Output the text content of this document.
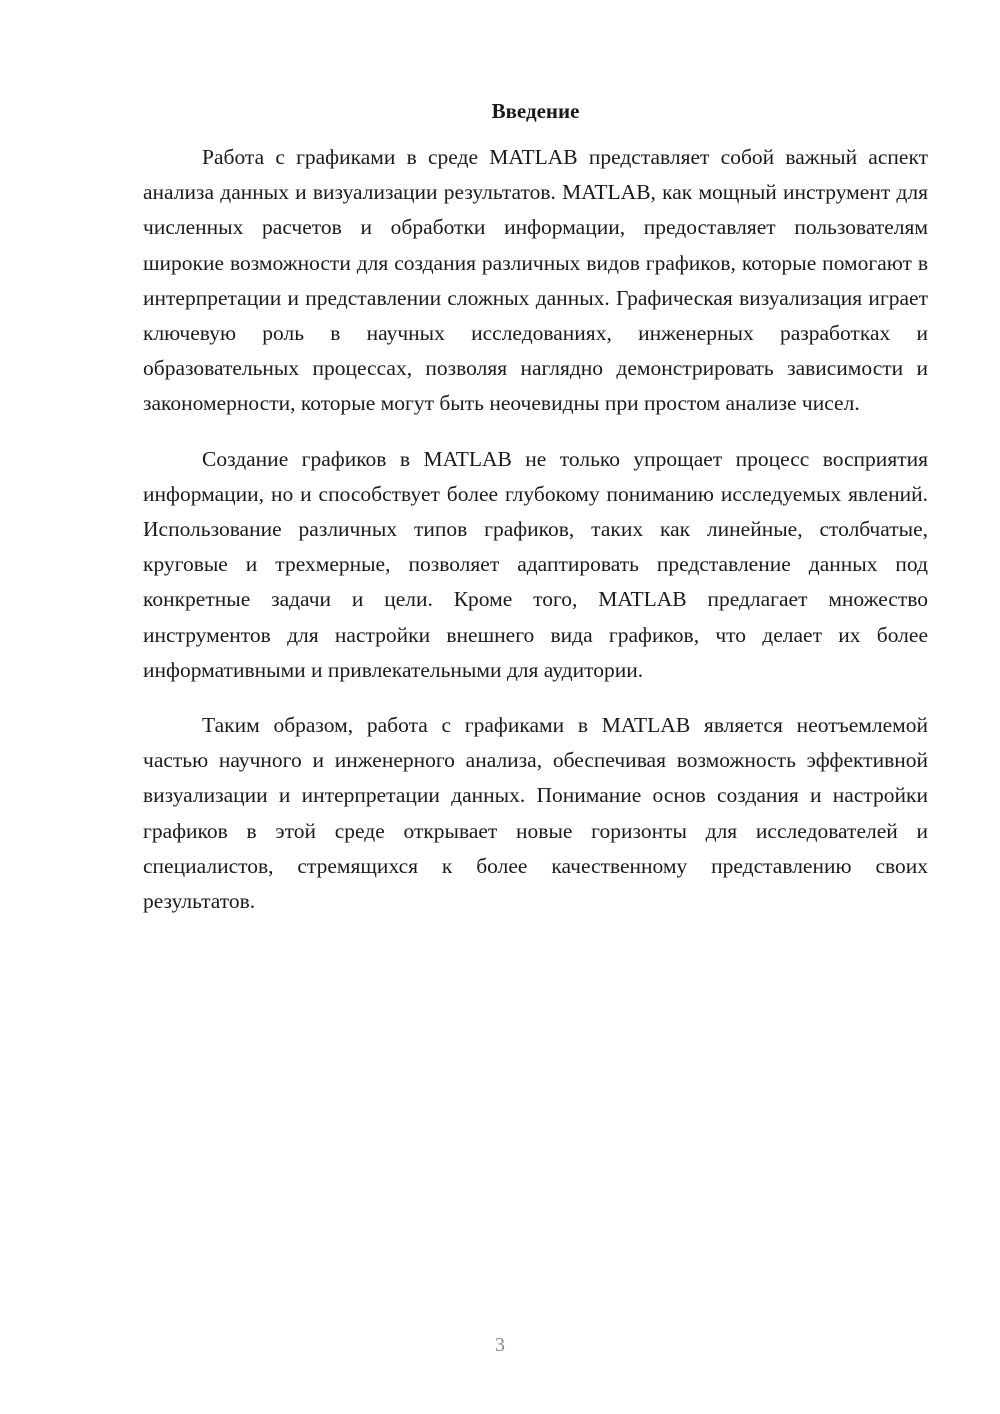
Введение

Работа с графиками в среде MATLAB представляет собой важный аспект анализа данных и визуализации результатов. MATLAB, как мощный инструмент для численных расчетов и обработки информации, предоставляет пользователям широкие возможности для создания различных видов графиков, которые помогают в интерпретации и представлении сложных данных. Графическая визуализация играет ключевую роль в научных исследованиях, инженерных разработках и образовательных процессах, позволяя наглядно демонстрировать зависимости и закономерности, которые могут быть неочевидны при простом анализе чисел.

Создание графиков в MATLAB не только упрощает процесс восприятия информации, но и способствует более глубокому пониманию исследуемых явлений. Использование различных типов графиков, таких как линейные, столбчатые, круговые и трехмерные, позволяет адаптировать представление данных под конкретные задачи и цели. Кроме того, MATLAB предлагает множество инструментов для настройки внешнего вида графиков, что делает их более информативными и привлекательными для аудитории.

Таким образом, работа с графиками в MATLAB является неотъемлемой частью научного и инженерного анализа, обеспечивая возможность эффективной визуализации и интерпретации данных. Понимание основ создания и настройки графиков в этой среде открывает новые горизонты для исследователей и специалистов, стремящихся к более качественному представлению своих результатов.

3
